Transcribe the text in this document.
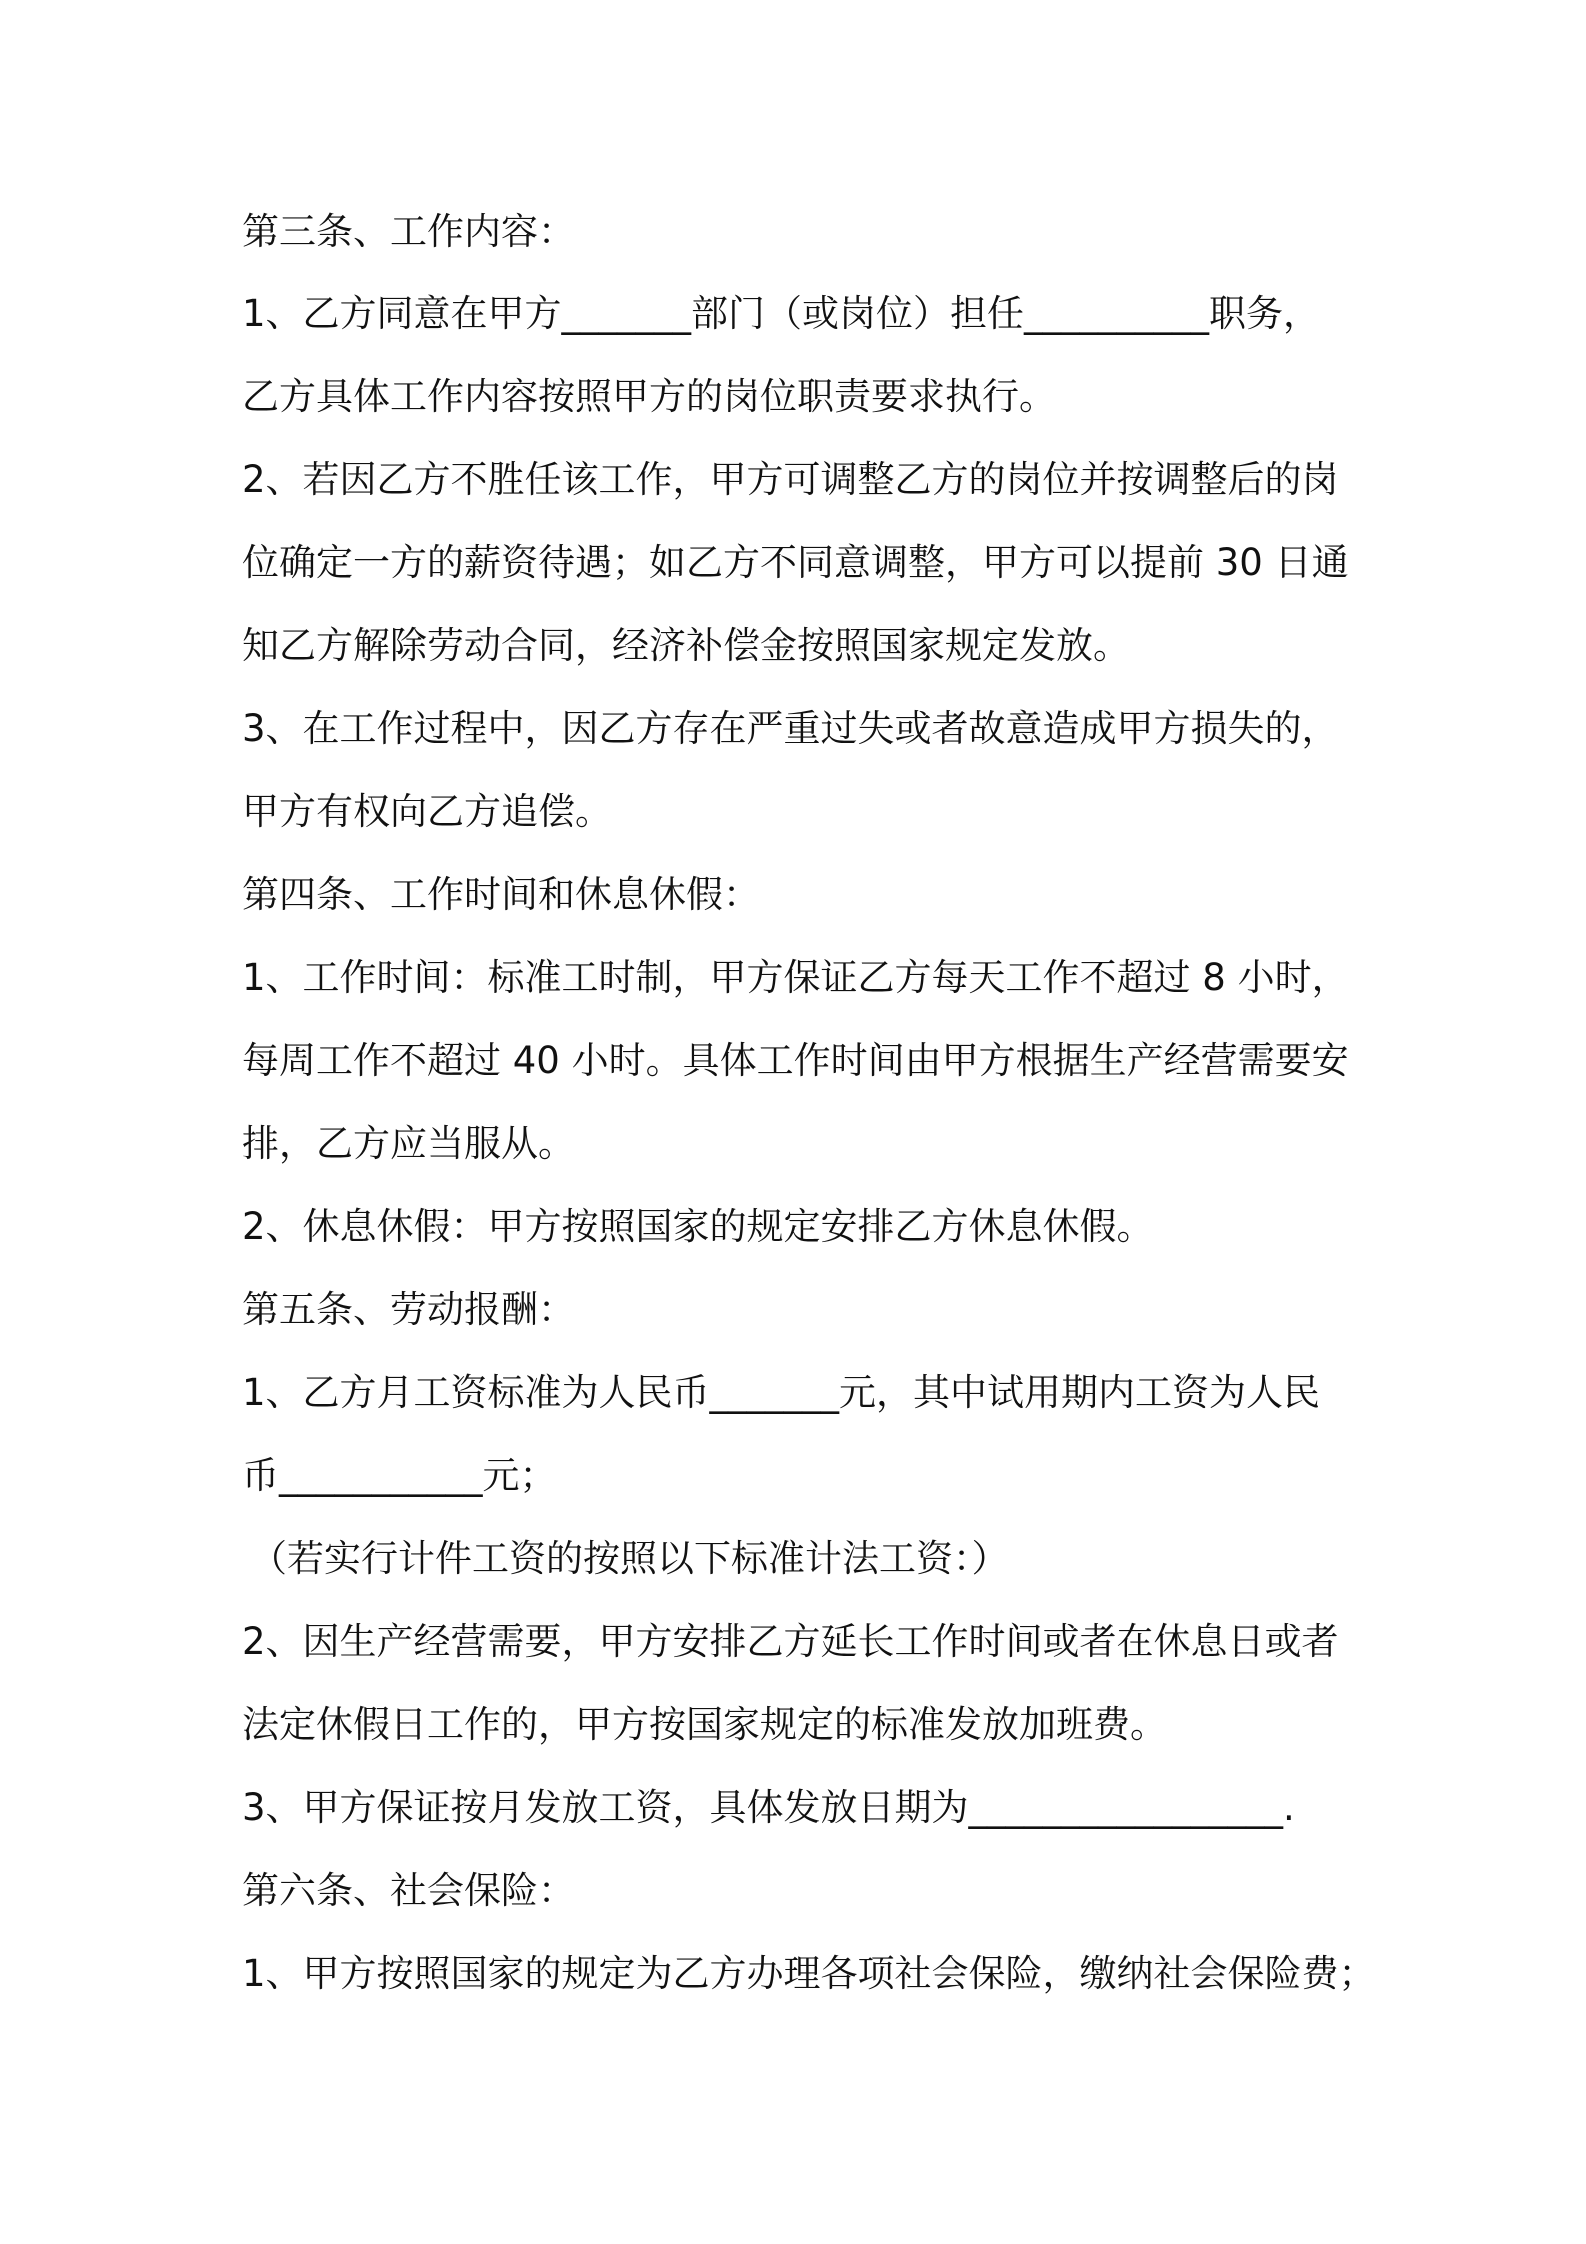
第三条、工作内容：
1、乙方同意在甲方_______部门（或岗位）担任__________职务，
乙方具体工作内容按照甲方的岗位职责要求执行。
2、若因乙方不胜任该工作，甲方可调整乙方的岗位并按调整后的岗
位确定一方的薪资待遇；如乙方不同意调整，甲方可以提前 30 日通
知乙方解除劳动合同，经济补偿金按照国家规定发放。
3、在工作过程中，因乙方存在严重过失或者故意造成甲方损失的，
甲方有权向乙方追偿。
第四条、工作时间和休息休假：
1、工作时间：标准工时制，甲方保证乙方每天工作不超过 8 小时，
每周工作不超过 40 小时。具体工作时间由甲方根据生产经营需要安
排，乙方应当服从。
2、休息休假：甲方按照国家的规定安排乙方休息休假。
第五条、劳动报酬：
1、乙方月工资标准为人民币_______元，其中试用期内工资为人民
币___________元；
（若实行计件工资的按照以下标准计法工资：）
2、因生产经营需要，甲方安排乙方延长工作时间或者在休息日或者
法定休假日工作的，甲方按国家规定的标准发放加班费。
3、甲方保证按月发放工资，具体发放日期为_________________.
第六条、社会保险：
1、甲方按照国家的规定为乙方办理各项社会保险，缴纳社会保险费；
